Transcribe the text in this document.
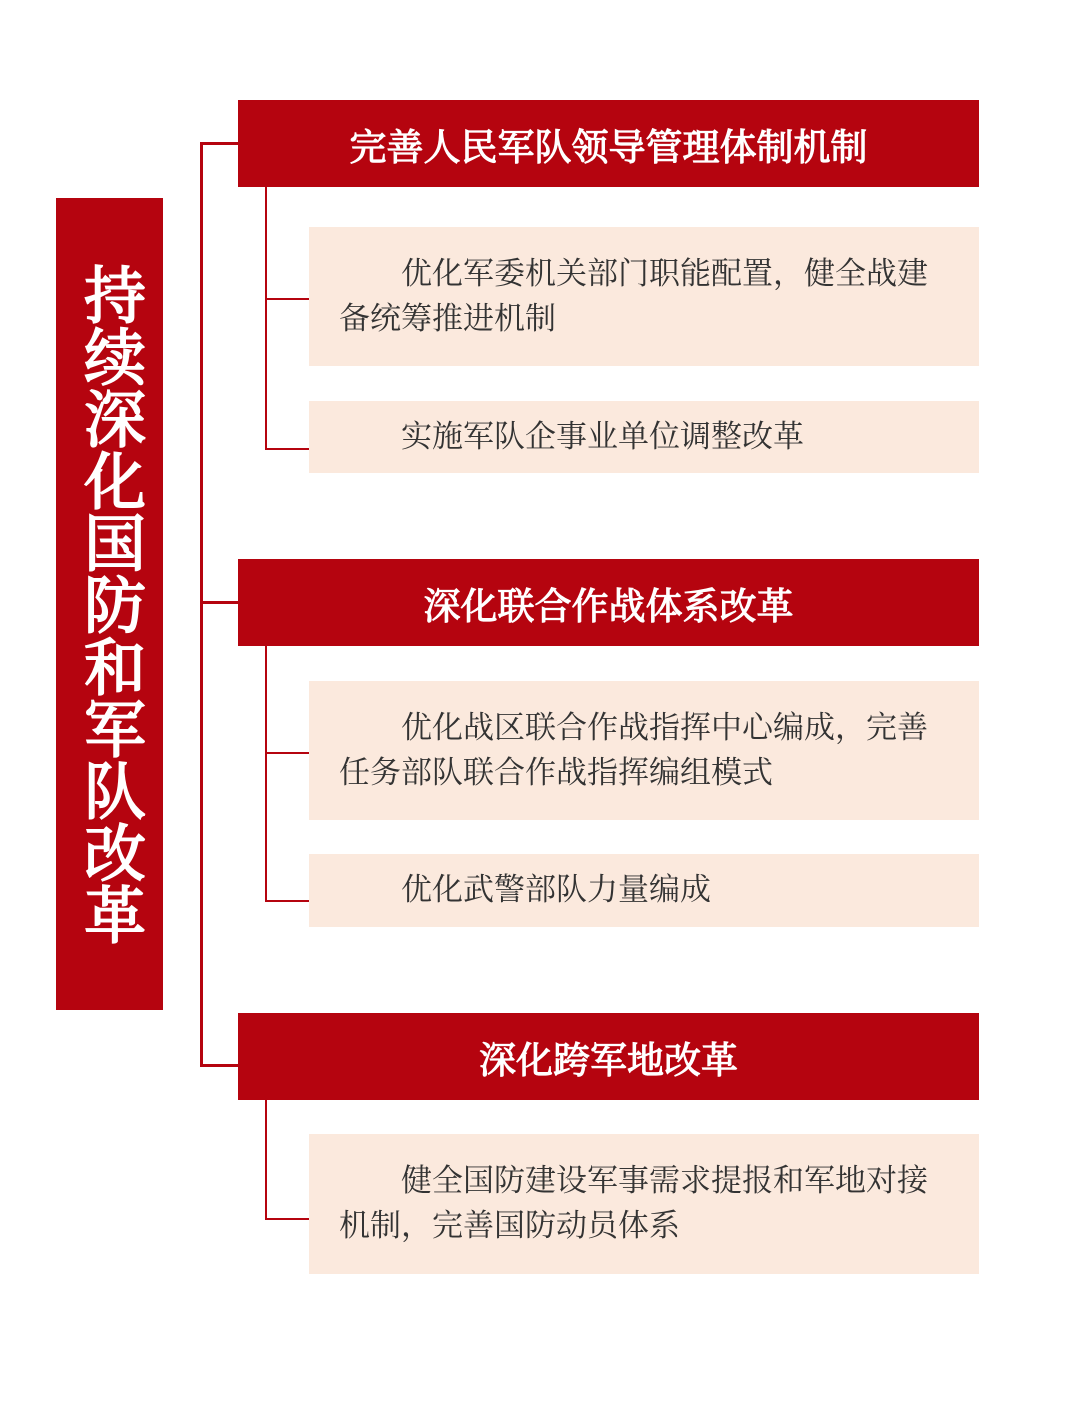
持续深化国防和军队改革
完善人民军队领导管理体制机制
优化军委机关部门职能配置，健全战建备统筹推进机制
实施军队企事业单位调整改革
深化联合作战体系改革
优化战区联合作战指挥中心编成，完善任务部队联合作战指挥编组模式
优化武警部队力量编成
深化跨军地改革
健全国防建设军事需求提报和军地对接机制，完善国防动员体系
